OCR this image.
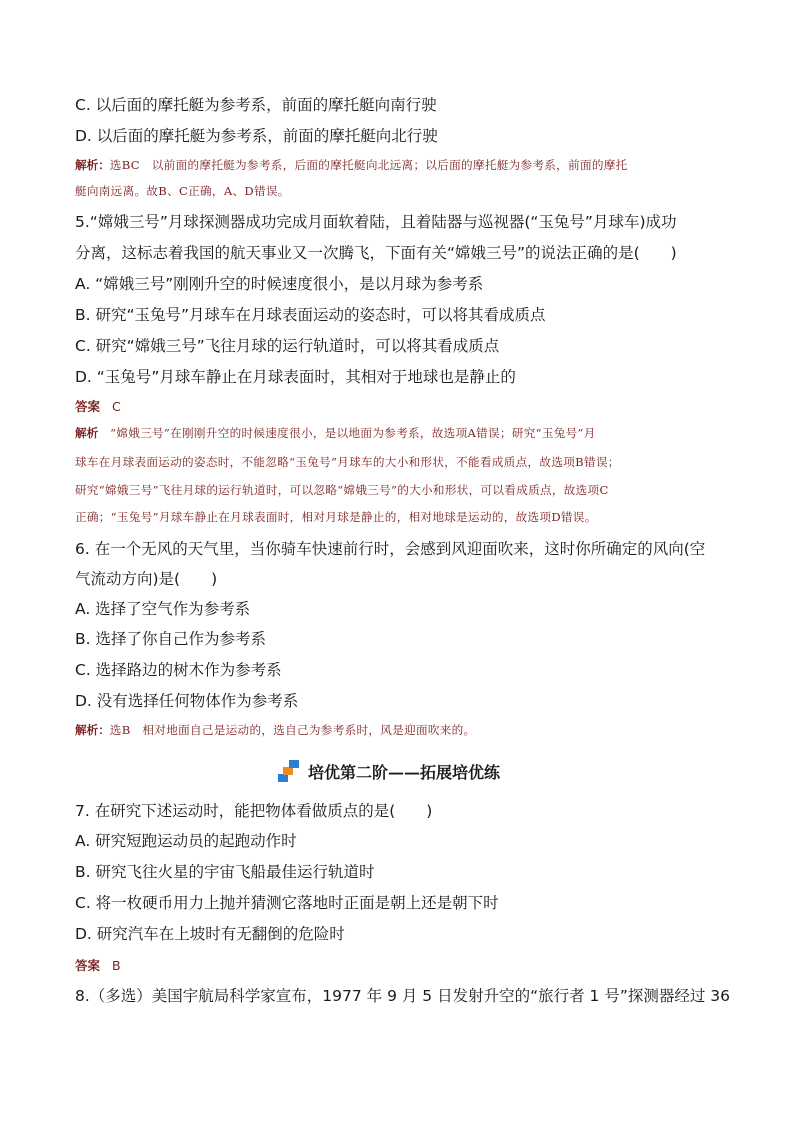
C. 以后面的摩托艇为参考系，前面的摩托艇向南行驶
D. 以后面的摩托艇为参考系，前面的摩托艇向北行驶
解析：选BC　以前面的摩托艇为参考系，后面的摩托艇向北远离；以后面的摩托艇为参考系，前面的摩托
艇向南远离。故B、C正确，A、D错误。
5.“嫦娥三号”月球探测器成功完成月面软着陆，且着陆器与巡视器(“玉兔号”月球车)成功
分离，这标志着我国的航天事业又一次腾飞，下面有关“嫦娥三号”的说法正确的是(　　)
A. “嫦娥三号”刚刚升空的时候速度很小，是以月球为参考系
B. 研究“玉兔号”月球车在月球表面运动的姿态时，可以将其看成质点
C. 研究“嫦娥三号”飞往月球的运行轨道时，可以将其看成质点
D. “玉兔号”月球车静止在月球表面时，其相对于地球也是静止的
答案 C
解析　“嫦娥三号”在刚刚升空的时候速度很小，是以地面为参考系，故选项A错误；研究“玉兔号”月
球车在月球表面运动的姿态时，不能忽略“玉兔号”月球车的大小和形状，不能看成质点，故选项B错误；
研究“嫦娥三号”飞往月球的运行轨道时，可以忽略“嫦娥三号”的大小和形状，可以看成质点，故选项C
正确；“玉兔号”月球车静止在月球表面时，相对月球是静止的，相对地球是运动的，故选项D错误。
6. 在一个无风的天气里，当你骑车快速前行时，会感到风迎面吹来，这时你所确定的风向(空
气流动方向)是(　　)
A. 选择了空气作为参考系
B. 选择了你自己作为参考系
C. 选择路边的树木作为参考系
D. 没有选择任何物体作为参考系
解析：选B　相对地面自己是运动的，选自己为参考系时，风是迎面吹来的。
培优第二阶——拓展培优练
7. 在研究下述运动时，能把物体看做质点的是(　　)
A. 研究短跑运动员的起跑动作时
B. 研究飞往火星的宇宙飞船最佳运行轨道时
C. 将一枚硬币用力上抛并猜测它落地时正面是朝上还是朝下时
D. 研究汽车在上坡时有无翻倒的危险时
答案 B
8.（多选）美国宇航局科学家宣布，1977 年 9 月 5 日发射升空的“旅行者 1 号”探测器经过 36
